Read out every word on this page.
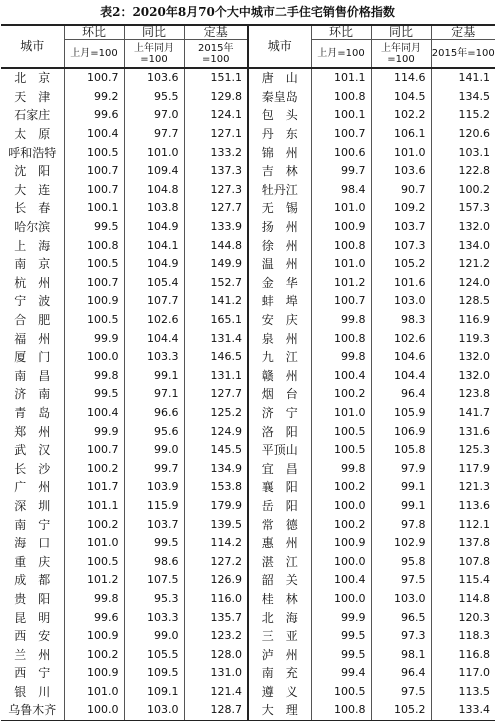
表2：2020年8月70个大中城市二手住宅销售价格指数
城市	环比	同比	定基	城市	环比	同比	定基
	上月=100	上年同月=100	2015年=100		上月=100	上年同月=100	2015年=100
北　京	100.7	103.6	151.1	唐　山	101.1	114.6	141.1
天　津	99.2	95.5	129.8	秦皇岛	100.8	104.5	134.5
石家庄	99.6	97.0	124.1	包　头	100.1	102.2	115.2
太　原	100.4	97.7	127.1	丹　东	100.7	106.1	120.6
呼和浩特	100.5	101.0	133.2	锦　州	100.6	101.0	103.1
沈　阳	100.7	109.4	137.3	吉　林	99.7	103.6	122.8
大　连	100.7	104.8	127.3	牡丹江	98.4	90.7	100.2
长　春	100.1	103.8	127.7	无　锡	101.0	109.2	157.3
哈尔滨	99.5	104.9	133.9	扬　州	100.9	103.7	132.0
上　海	100.8	104.1	144.8	徐　州	100.8	107.3	134.0
南　京	100.5	104.9	149.9	温　州	101.0	105.2	121.2
杭　州	100.7	105.4	152.7	金　华	101.2	101.6	124.0
宁　波	100.9	107.7	141.2	蚌　埠	100.7	103.0	128.5
合　肥	100.5	102.6	165.1	安　庆	99.8	98.3	116.9
福　州	99.9	104.4	131.4	泉　州	100.8	102.6	119.3
厦　门	100.0	103.3	146.5	九　江	99.8	104.6	132.0
南　昌	99.8	99.1	131.1	赣　州	100.4	104.4	132.0
济　南	99.5	97.1	127.7	烟　台	100.2	96.4	123.8
青　岛	100.4	96.6	125.2	济　宁	101.0	105.9	141.7
郑　州	99.9	95.6	124.9	洛　阳	100.5	106.9	131.6
武　汉	100.7	99.0	145.5	平顶山	100.5	105.8	125.3
长　沙	100.2	99.7	134.9	宜　昌	99.8	97.9	117.9
广　州	101.7	103.9	153.8	襄　阳	100.2	99.1	121.3
深　圳	101.1	115.9	179.9	岳　阳	100.0	99.1	113.6
南　宁	100.2	103.7	139.5	常　德	100.2	97.8	112.1
海　口	101.0	99.5	114.2	惠　州	100.9	102.9	137.8
重　庆	100.5	98.6	127.2	湛　江	100.0	95.8	107.8
成　都	101.2	107.5	126.9	韶　关	100.4	97.5	115.4
贵　阳	99.8	95.3	116.0	桂　林	100.0	103.0	114.8
昆　明	99.6	103.3	135.7	北　海	99.9	96.5	120.3
西　安	100.9	99.0	123.2	三　亚	99.5	97.3	118.3
兰　州	100.2	105.5	128.0	泸　州	99.5	98.1	116.8
西　宁	100.9	109.5	131.0	南　充	99.4	96.4	117.0
银　川	101.0	109.1	121.4	遵　义	100.5	97.5	113.5
乌鲁木齐	100.0	103.0	128.7	大　理	100.8	105.2	133.4
